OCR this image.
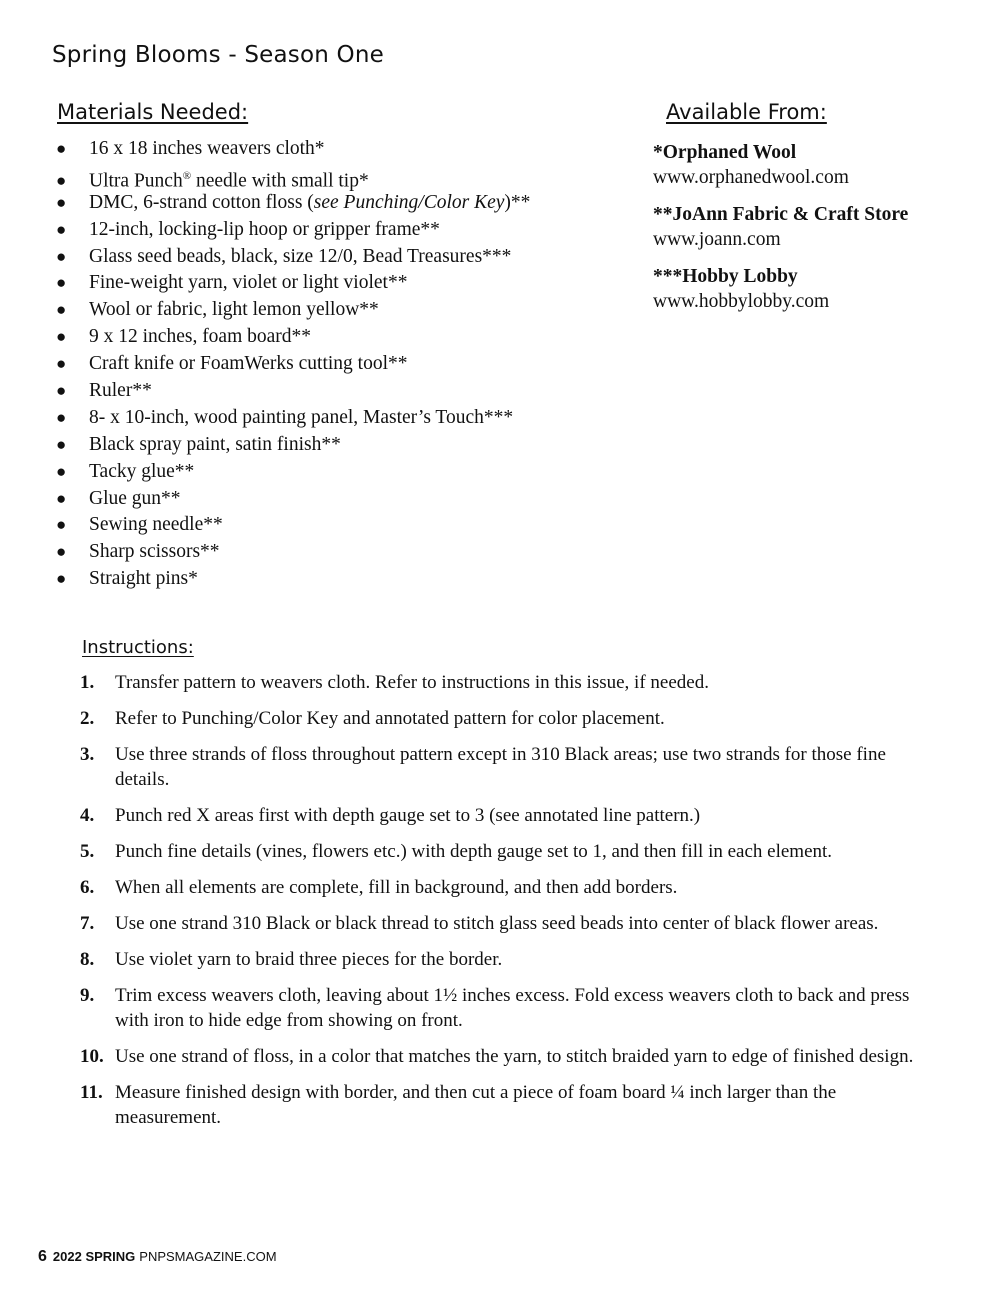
Spring Blooms - Season One
Materials Needed:
● 16 x 18 inches weavers cloth*
● Ultra Punch® needle with small tip*
● DMC, 6-strand cotton floss (see Punching/Color Key)**
● 12-inch, locking-lip hoop or gripper frame**
● Glass seed beads, black, size 12/0, Bead Treasures***
● Fine-weight yarn, violet or light violet**
● Wool or fabric, light lemon yellow**
● 9 x 12 inches, foam board**
● Craft knife or FoamWerks cutting tool**
● Ruler**
● 8- x 10-inch, wood painting panel, Master’s Touch***
● Black spray paint, satin finish**
● Tacky glue**
● Glue gun**
● Sewing needle**
● Sharp scissors**
● Straight pins*
Available From:
*Orphaned Wool
www.orphanedwool.com
**JoAnn Fabric & Craft Store
www.joann.com
***Hobby Lobby
www.hobbylobby.com
Instructions:
1.	Transfer pattern to weavers cloth. Refer to instructions in this issue, if needed.
2.	Refer to Punching/Color Key and annotated pattern for color placement.
3.	Use three strands of floss throughout pattern except in 310 Black areas; use two strands for those fine details.
4.	Punch red X areas first with depth gauge set to 3 (see annotated line pattern.)
5.	Punch fine details (vines, flowers etc.) with depth gauge set to 1, and then fill in each element.
6.	When all elements are complete, fill in background, and then add borders.
7.	Use one strand 310 Black or black thread to stitch glass seed beads into center of black flower areas.
8.	Use violet yarn to braid three pieces for the border.
9.	Trim excess weavers cloth, leaving about 1½ inches excess. Fold excess weavers cloth to back and press with iron to hide edge from showing on front.
10. Use one strand of floss, in a color that matches the yarn, to stitch braided yarn to edge of finished design.
11. Measure finished design with border, and then cut a piece of foam board ¼ inch larger than the measurement.
6 2022 SPRING PNPSMAGAZINE.COM
